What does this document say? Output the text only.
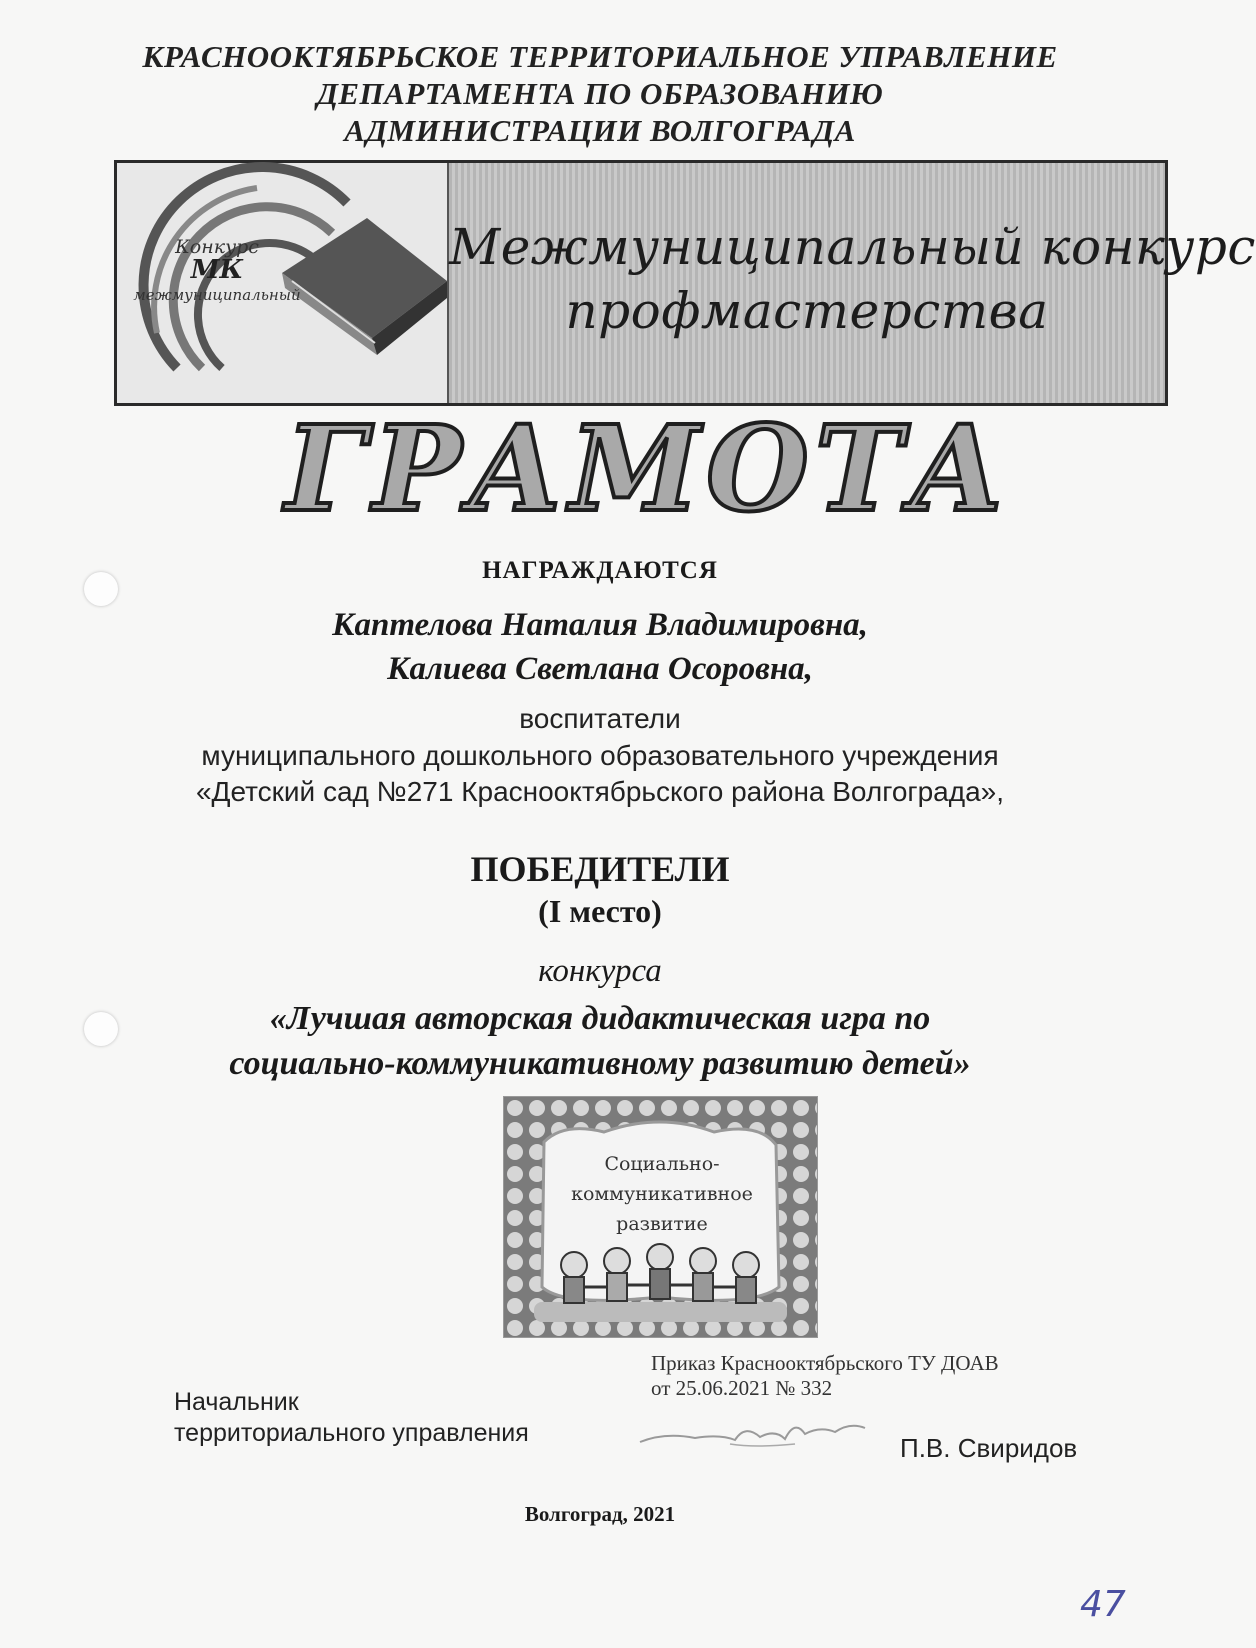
КРАСНООКТЯБРЬСКОЕ ТЕРРИТОРИАЛЬНОЕ УПРАВЛЕНИЕ
ДЕПАРТАМЕНТА ПО ОБРАЗОВАНИЮ
АДМИНИСТРАЦИИ ВОЛГОГРАДА
Конкурс
МК
межмуниципальный
Межмуниципальный конкурс
профмастерства
ГРАМОТА
НАГРАЖДАЮТСЯ
Каптелова Наталия Владимировна,
Калиева Светлана Осоровна,
воспитатели
муниципального дошкольного образовательного учреждения
«Детский сад №271 Краснооктябрьского района Волгограда»,
ПОБЕДИТЕЛИ
(I место)
конкурса
«Лучшая авторская дидактическая игра по
социально-коммуникативному развитию детей»
Социально-
коммуникативное
развитие
Приказ Краснооктябрьского ТУ ДОАВ
от 25.06.2021 № 332
Начальник
территориального управления	П.В. Свиридов
Волгоград, 2021
47
